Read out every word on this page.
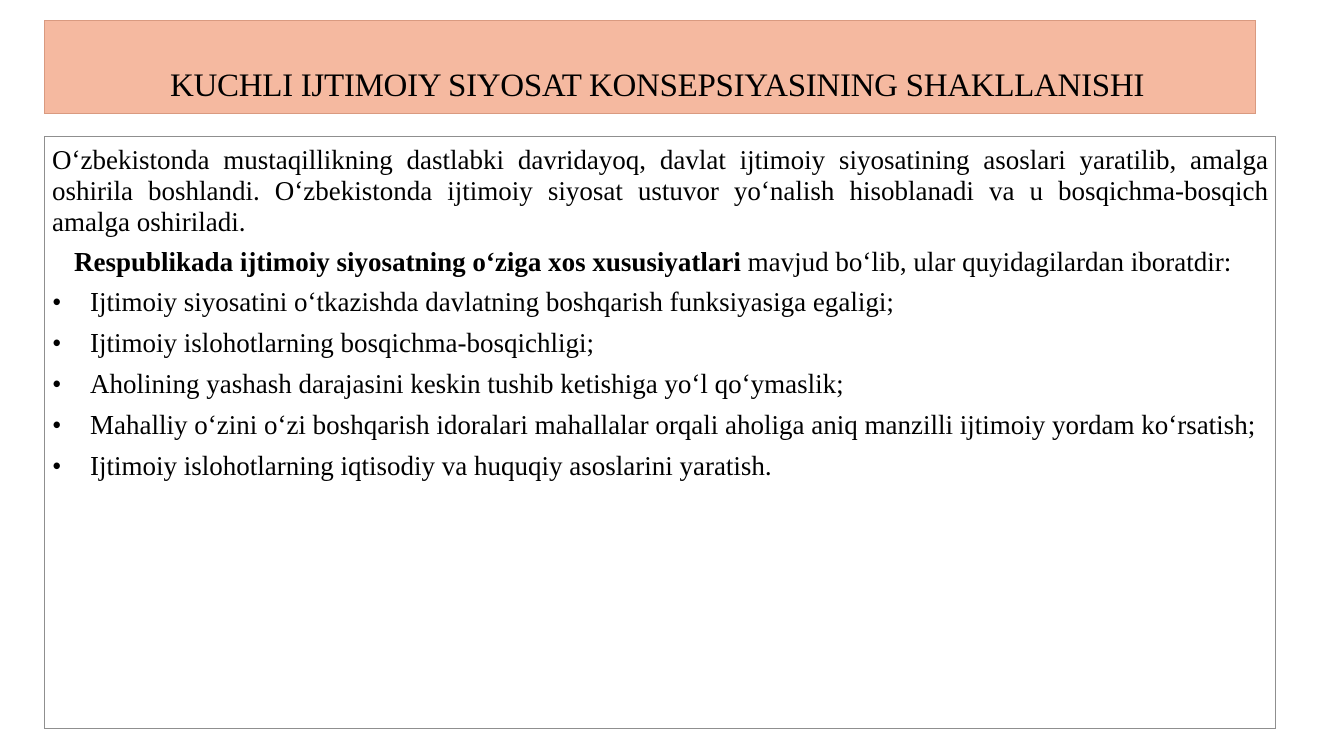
KUCHLI IJTIMOIY SIYOSAT KONSEPSIYASINING SHAKLLANISHI

O‘zbekistonda mustaqillikning dastlabki davridayoq, davlat ijtimoiy siyosatining asoslari yaratilib, amalga oshirila boshlandi. O‘zbekistonda ijtimoiy siyosat ustuvor yo‘nalish hisoblanadi va u bosqichma-bosqich amalga oshiriladi.

Respublikada ijtimoiy siyosatning o‘ziga xos xususiyatlari mavjud bo‘lib, ular quyidagilardan iboratdir:

•	Ijtimoiy siyosatini o‘tkazishda davlatning boshqarish funksiyasiga egaligi;
•	Ijtimoiy islohotlarning bosqichma-bosqichligi;
•	Aholining yashash darajasini keskin tushib ketishiga yo‘l qo‘ymaslik;
•	Mahalliy o‘zini o‘zi boshqarish idoralari mahallalar orqali aholiga aniq manzilli ijtimoiy yordam ko‘rsatish;
•	Ijtimoiy islohotlarning iqtisodiy va huquqiy asoslarini yaratish.
